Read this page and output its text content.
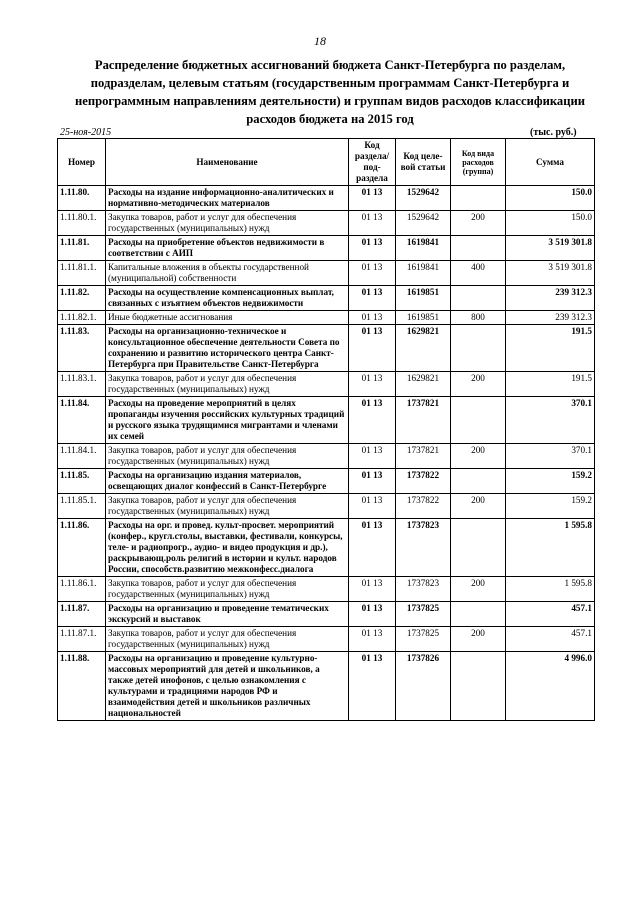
18
Распределение бюджетных ассигнований бюджета Санкт-Петербурга по разделам, подразделам, целевым статьям (государственным программам Санкт-Петербурга и непрограммным направлениям деятельности) и группам видов расходов классификации расходов бюджета на 2015 год
25-ноя-2015	(тыс. руб.)
Номер	Наименование	Код раздела/ под-раздела	Код целе-вой статьи	Код вида расходов (группа)	Сумма
1.11.80.	Расходы на издание информационно-аналитических и нормативно-методических материалов	01 13	1529642		150.0
1.11.80.1.	Закупка товаров, работ и услуг для обеспечения государственных (муниципальных) нужд	01 13	1529642	200	150.0
1.11.81.	Расходы на приобретение объектов недвижимости в соответствии с АИП	01 13	1619841		3 519 301.8
1.11.81.1.	Капитальные вложения в объекты государственной (муниципальной) собственности	01 13	1619841	400	3 519 301.8
1.11.82.	Расходы на осуществление компенсационных выплат, связанных с изъятием объектов недвижимости	01 13	1619851		239 312.3
1.11.82.1.	Иные бюджетные ассигнования	01 13	1619851	800	239 312.3
1.11.83.	Расходы на организационно-техническое и консультационное обеспечение деятельности Совета по сохранению и развитию исторического центра Санкт-Петербурга при Правительстве Санкт-Петербурга	01 13	1629821		191.5
1.11.83.1.	Закупка товаров, работ и услуг для обеспечения государственных (муниципальных) нужд	01 13	1629821	200	191.5
1.11.84.	Расходы на проведение мероприятий в целях пропаганды изучения российских культурных традиций и русского языка трудящимися мигрантами и членами их семей	01 13	1737821		370.1
1.11.84.1.	Закупка товаров, работ и услуг для обеспечения государственных (муниципальных) нужд	01 13	1737821	200	370.1
1.11.85.	Расходы на организацию издания материалов, освещающих диалог конфессий в Санкт-Петербурге	01 13	1737822		159.2
1.11.85.1.	Закупка товаров, работ и услуг для обеспечения государственных (муниципальных) нужд	01 13	1737822	200	159.2
1.11.86.	Расходы на орг. и провед. культ-просвет. мероприятий (конфер., кругл.столы, выставки, фестивали, конкурсы, теле- и радиопрогр., аудио- и видео продукция и др.), раскрывающ.роль религий в истории и культ. народов России, способств.развитию межконфесс.диалога	01 13	1737823		1 595.8
1.11.86.1.	Закупка товаров, работ и услуг для обеспечения государственных (муниципальных) нужд	01 13	1737823	200	1 595.8
1.11.87.	Расходы на организацию и проведение тематических экскурсий и выставок	01 13	1737825		457.1
1.11.87.1.	Закупка товаров, работ и услуг для обеспечения государственных (муниципальных) нужд	01 13	1737825	200	457.1
1.11.88.	Расходы на организацию и проведение культурно-массовых мероприятий для детей и школьников, а также детей инофонов, с целью ознакомления с культурами и традициями народов РФ и взаимодействия детей и школьников различных национальностей	01 13	1737826		4 996.0
